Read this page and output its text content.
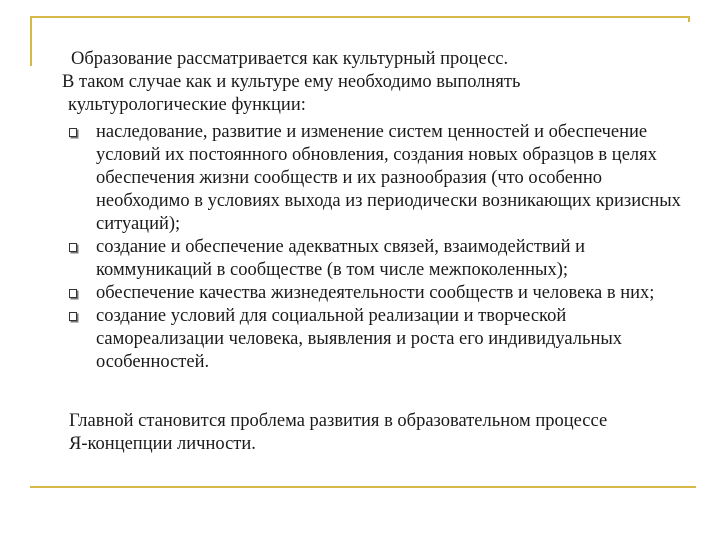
Образование рассматривается как культурный процесс.

В таком случае как и культуре ему необходимо выполнять

культурологические функции:

наследование, развитие и изменение систем ценностей и обеспечение условий их постоянного обновления, создания новых образцов в целях обеспечения жизни сообществ и их разнообразия (что особенно необходимо в условиях выхода из периодически возникающих кризисных ситуаций);
создание и обеспечение адекватных связей, взаимодействий и коммуникаций в сообществе (в том числе межпоколенных);
обеспечение качества жизнедеятельности сообществ и человека в них;
создание условий для социальной реализации и творческой самореализации человека, выявления и роста его индивидуальных особенностей.

Главной становится проблема развития в образовательном процессе Я-концепции личности.
